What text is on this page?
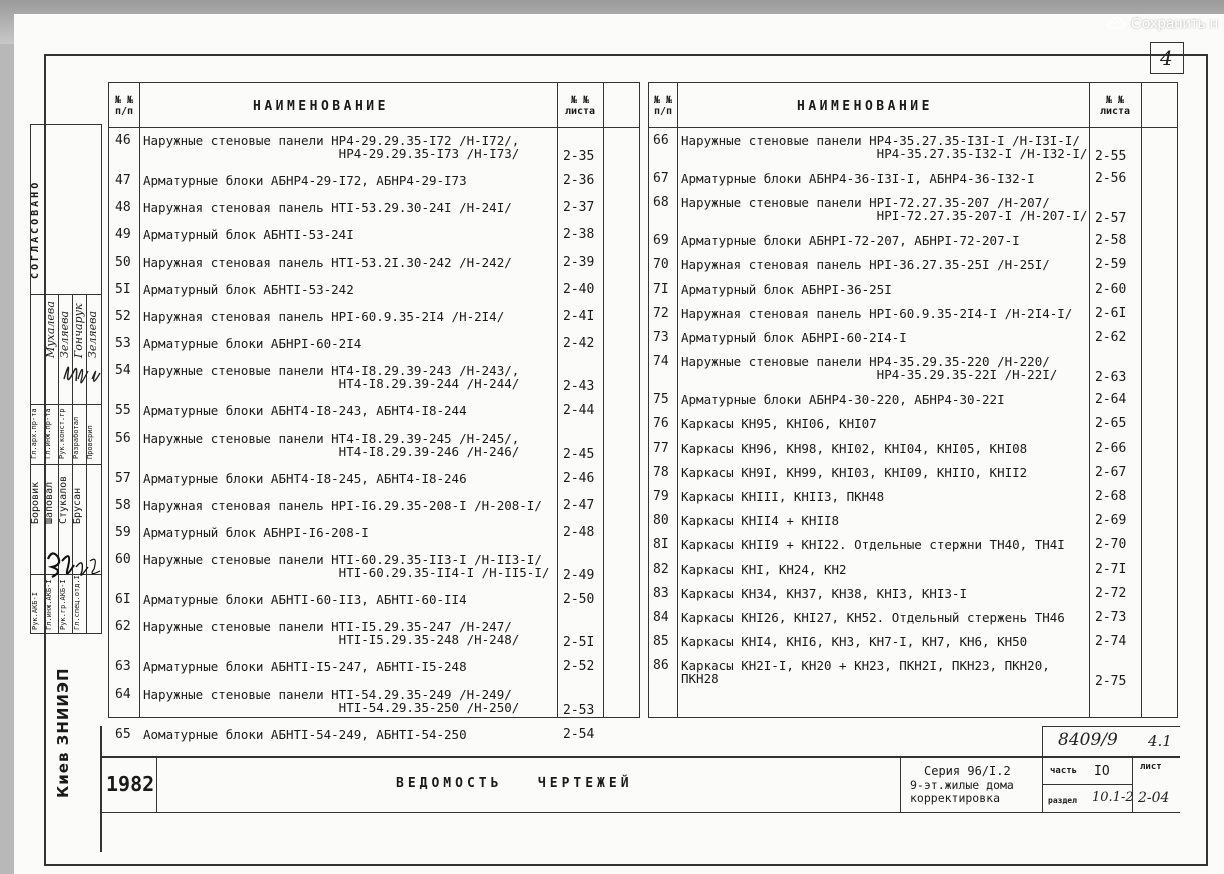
4
№ №
п/п	НАИМЕНОВАНИЕ	№ №
листа
46 Наружные стеновые панели НР4-29.29.35-I72 /Н-I72/,
НР4-29.29.35-I73 /Н-I73/	2-35
47 Арматурные блоки АБНР4-29-I72, АБНР4-29-I73	2-36
48 Наружная стеновая панель НТI-53.29.30-24I /Н-24I/	2-37
49 Арматурный блок АБНТI-53-24I	2-38
50 Наружная стеновая панель НТI-53.2I.30-242 /Н-242/	2-39
5I Арматурный блок АБНТI-53-242	2-40
52 Наружная стеновая панель НРI-60.9.35-2I4 /Н-2I4/	2-4I
53 Арматурные блоки АБНРI-60-2I4	2-42
54 Наружные стеновые панели НТ4-I8.29.39-243 /Н-243/,
НТ4-I8.29.39-244 /Н-244/	2-43
55 Арматурные блоки АБНТ4-I8-243, АБНТ4-I8-244	2-44
56 Наружные стеновые панели НТ4-I8.29.39-245 /Н-245/,
НТ4-I8.29.39-246 /Н-246/	2-45
57 Арматурные блоки АБНТ4-I8-245, АБНТ4-I8-246	2-46
58 Наружная стеновая панель НРI-I6.29.35-208-I /Н-208-I/ 2-47
59 Арматурный блок АБНРI-I6-208-I	2-48
60 Наружные стеновые панели НТI-60.29.35-II3-I /Н-II3-I/
НТI-60.29.35-II4-I /Н-II5-I/ 2-49
6I Арматурные блоки АБНТI-60-II3, АБНТI-60-II4	2-50
62 Наружные стеновые панели НТI-I5.29.35-247 /Н-247/
НТI-I5.29.35-248 /Н-248/	2-5I
63 Арматурные блоки АБНТI-I5-247, АБНТI-I5-248	2-52
64 Наружные стеновые панели НТI-54.29.35-249 /Н-249/
НТI-54.29.35-250 /Н-250/	2-53
65 Аоматурные блоки АБНТI-54-249, АБНТI-54-250	2-54
№ №
п/п	НАИМЕНОВАНИЕ	№ №
листа
66 Наружные стеновые панели НР4-35.27.35-I3I-I /Н-I3I-I/
НР4-35.27.35-I32-I /Н-I32-I/ 2-55
67 Арматурные блоки АБНР4-36-I3I-I, АБНР4-36-I32-I	2-56
68 Наружные стеновые панели НРI-72.27.35-207 /Н-207/
НРI-72.27.35-207-I /Н-207-I/ 2-57
69 Арматурные блоки АБНРI-72-207, АБНРI-72-207-I	2-58
70 Наружная стеновая панель НРI-36.27.35-25I /Н-25I/	2-59
7I Арматурный блок АБНРI-36-25I	2-60
72 Наружная стеновая панель НРI-60.9.35-2I4-I /Н-2I4-I/ 2-6I
73 Арматурный блок АБНРI-60-2I4-I	2-62
74 Наружные стеновые панели НР4-35.29.35-220 /Н-220/
НР4-35.29.35-22I /Н-22I/	2-63
75 Арматурные блоки АБНР4-30-220, АБНР4-30-22I	2-64
76 Каркасы КН95, КНI06, КНI07	2-65
77 Каркасы КН96, КН98, КНI02, КНI04, КНI05, КНI08	2-66
78 Каркасы КН9I, КН99, КНI03, КНI09, КНIIO, КНII2	2-67
79 Каркасы КНIII, КНII3, ПКН48	2-68
80 Каркасы КНII4 + КНII8	2-69
8I Каркасы КНII9 + КНI22. Отдельные стержни ТН40, ТН4I 2-70
82 Каркасы КНI, КН24, КН2	2-7I
83 Каркасы КН34, КН37, КН38, КНI3, КНI3-I	2-72
84 Каркасы КНI26, КНI27, КН52. Отдельный стержень ТН46 2-73
85 Каркасы КНI4, КНI6, КН3, КН7-I, КН7, КН6, КН50	2-74
86 Каркасы КН2I-I, КН20 + КН23, ПКН2I, ПКН23, ПКН20,
ПКН28	2-75
СОГЛАСОВАНО
Рук.АКБ-I Гл.инж.АКБ-I Рук.гр.АКБ-I Гл.спец.отд.I
Боровик Шаповал Стукалов Брусан
Гл.арх.пр-та Гл.инж.пр-та Рук.конст.гр Разработал Проверил
Мухалева Зеляева Гончарук Зеляева
Киев ЗНИИЭП 1982	ВЕДОМОСТЬ   ЧЕРТЕЖЕЙ
Серия 96/I.2
9-эт.жилые дома
корректировка
часть IO
раздел 10.1-2
лист
2-04
8409/9 4.1
Сохранить н
